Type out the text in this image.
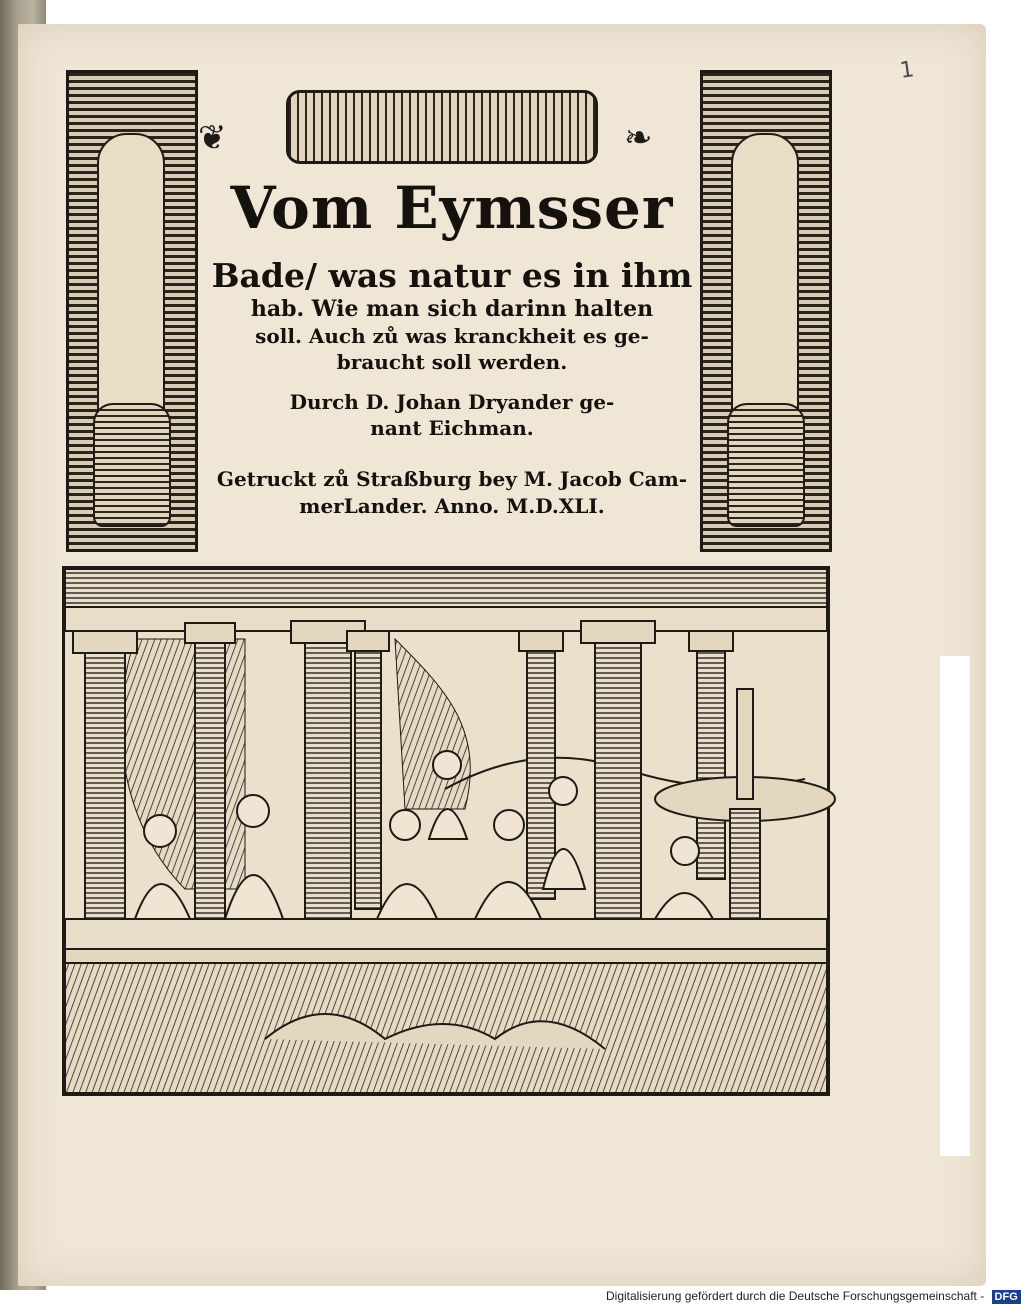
1
❦	❧

Vom Eymsser

Bade/ was natur es in ihm

hab. Wie man sich darinn halten

soll. Auch zů was kranckheit es ge-

braucht soll werden.

Durch D. Johan Dryander ge-

nant Eichman.

Getruckt zů Straßburg bey M. Jacob Cam-

merLander. Anno. M.D.XLI.

Digitalisierung gefördert durch die Deutsche Forschungsgemeinschaft - DFG
